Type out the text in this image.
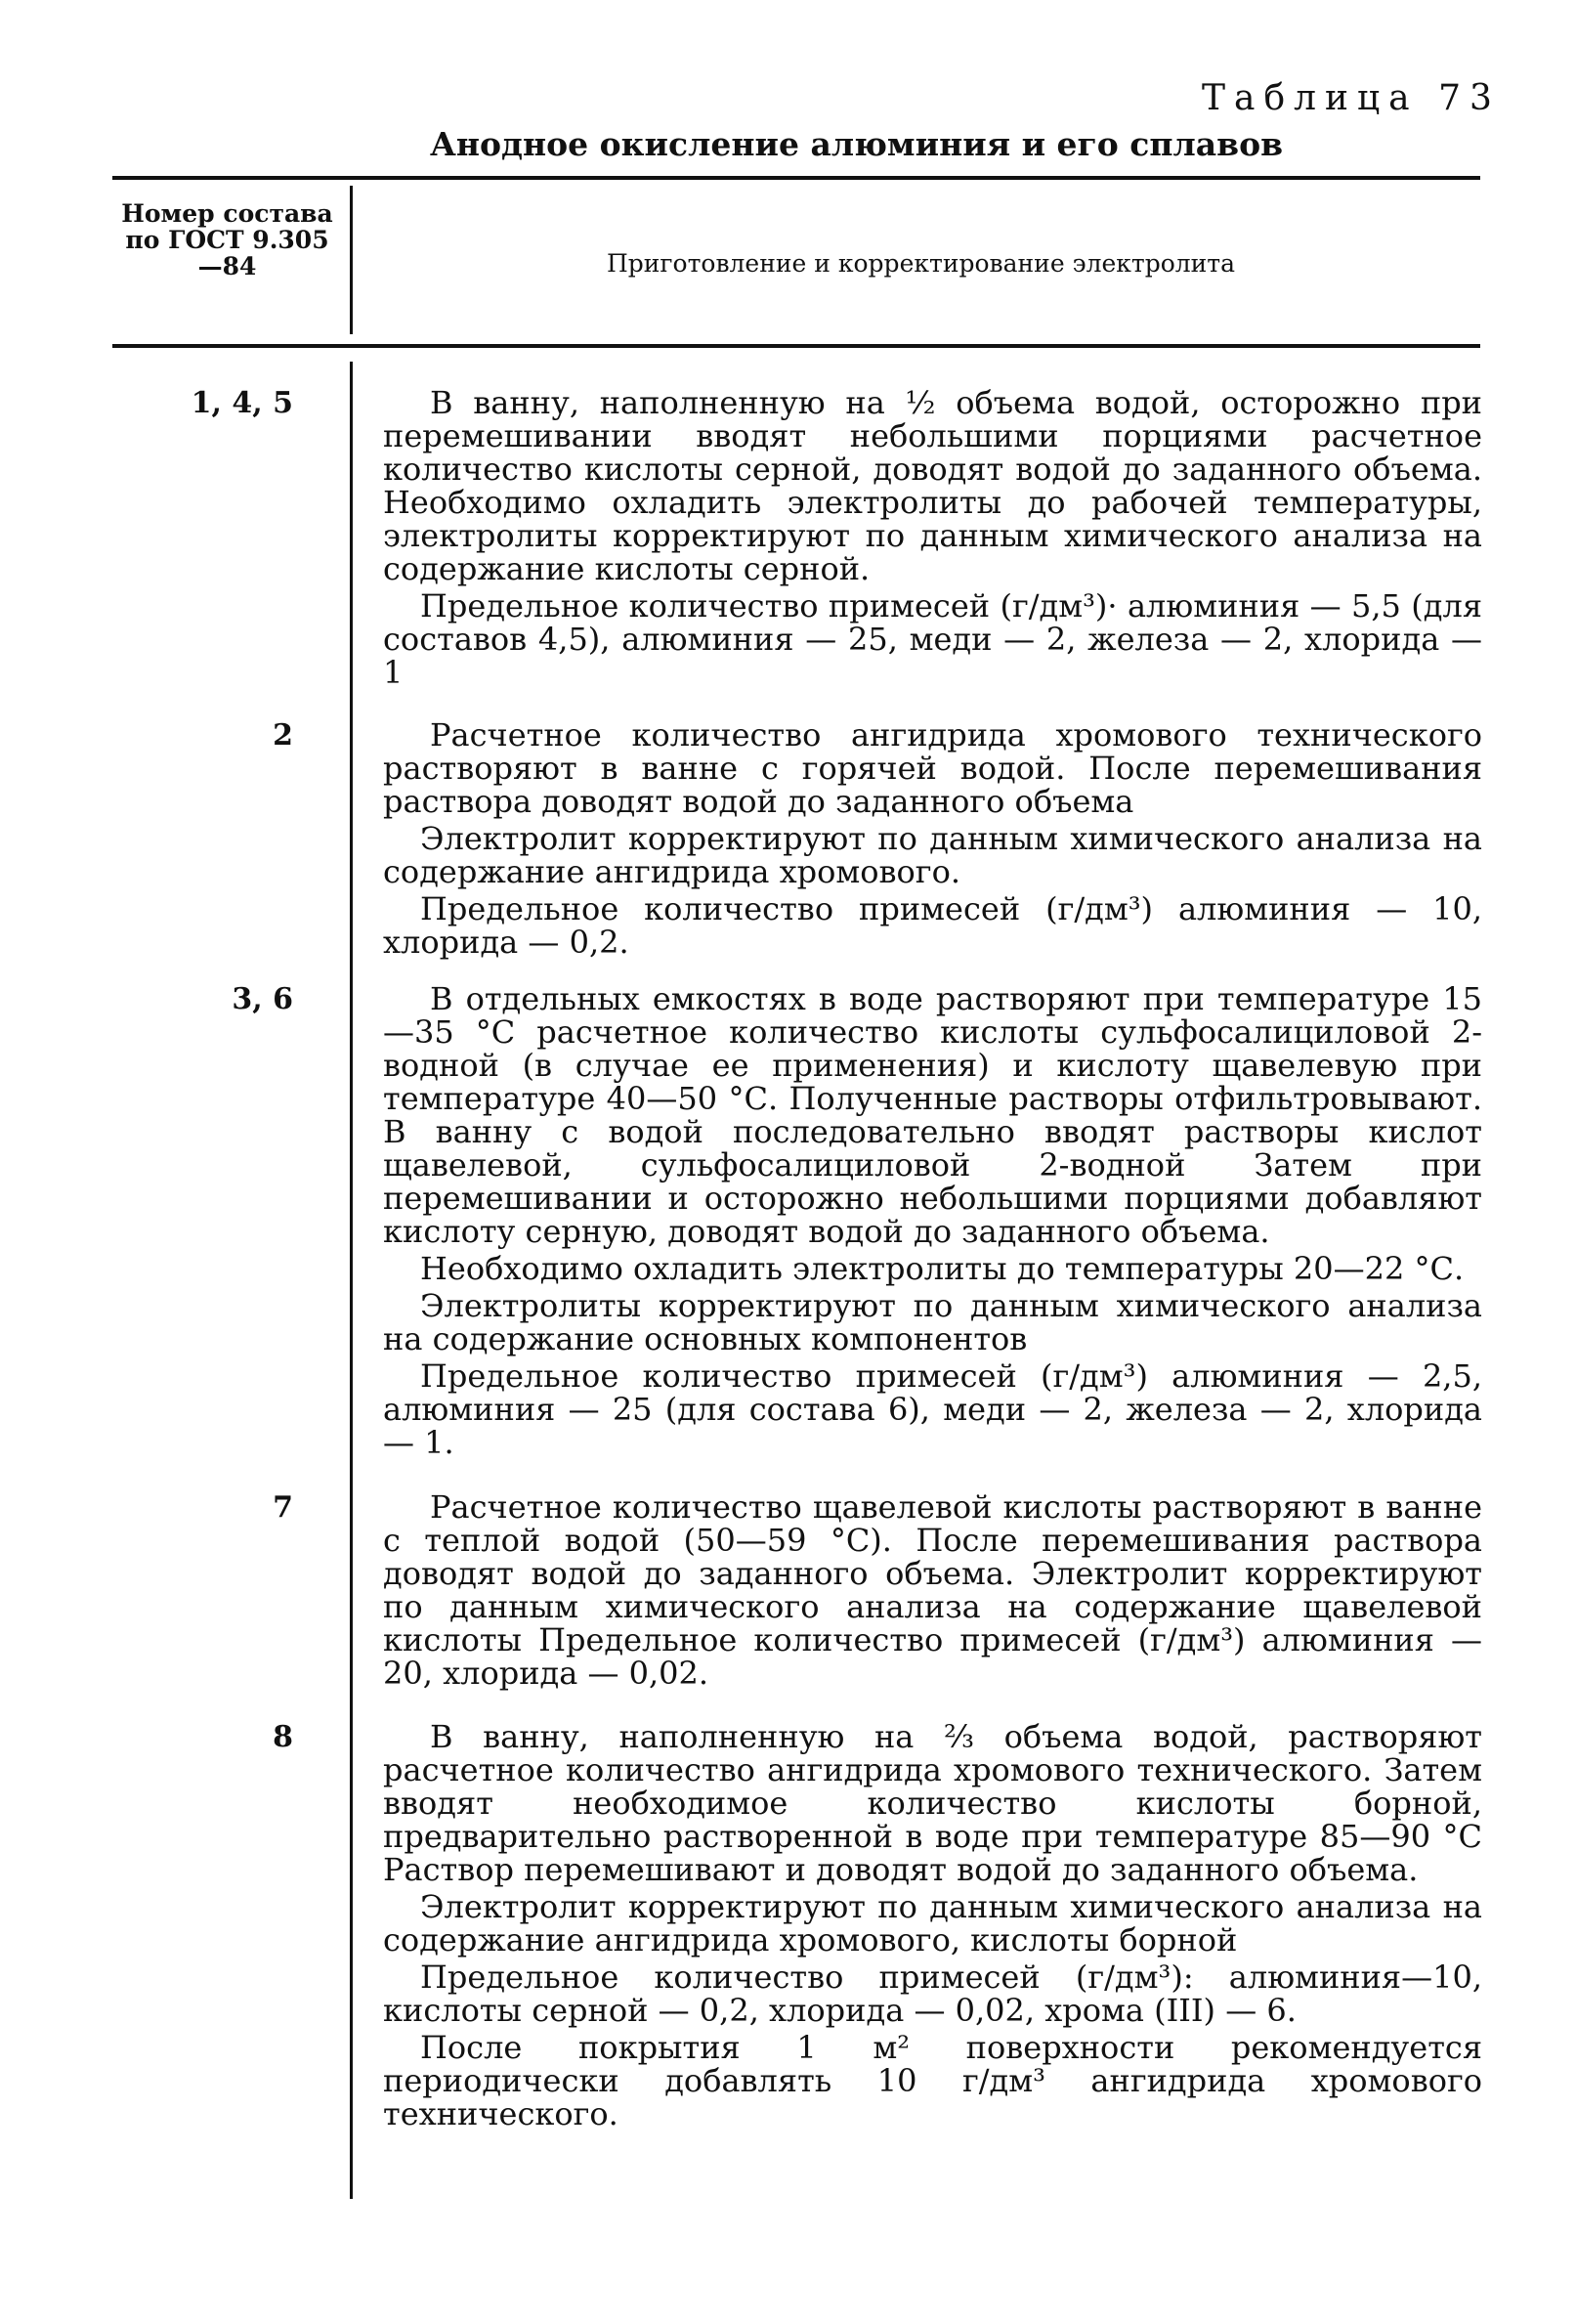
Таблица 73
Анодное окисление алюминия и его сплавов
Номер состава по ГОСТ 9.305—84	Приготовление и корректирование электролита
1, 4, 5	В ванну, наполненную на ½ объема водой, осторожно при перемешивании вводят небольшими порциями расчетное количество кислоты серной, доводят водой до заданного объема. Необходимо охладить электролиты до рабочей температуры, электролиты корректируют по данным химического анализа на содержание кислоты серной.

Предельное количество примесей (г/дм³)· алюминия — 5,5 (для составов 4,5), алюминия — 25, меди — 2, железа — 2, хлорида — 1

2	Расчетное количество ангидрида хромового технического растворяют в ванне с горячей водой. После перемешивания раствора доводят водой до заданного объема

Электролит корректируют по данным химического анализа на содержание ангидрида хромового.

Предельное количество примесей (г/дм³) алюминия — 10, хлорида — 0,2.

3, 6	В отдельных емкостях в воде растворяют при температуре 15—35 °С расчетное количество кислоты сульфосалициловой 2-водной (в случае ее применения) и кислоту щавелевую при температуре 40—50 °С. Полученные растворы отфильтровывают. В ванну с водой последовательно вводят растворы кислот щавелевой, сульфосалициловой 2-водной Затем при перемешивании и осторожно небольшими порциями добавляют кислоту серную, доводят водой до заданного объема.

Необходимо охладить электролиты до температуры 20—22 °С.

Электролиты корректируют по данным химического анализа на содержание основных компонентов

Предельное количество примесей (г/дм³) алюминия — 2,5, алюминия — 25 (для состава 6), меди — 2, железа — 2, хлорида — 1.

7	Расчетное количество щавелевой кислоты растворяют в ванне с теплой водой (50—59 °С). После перемешивания раствора доводят водой до заданного объема. Электролит корректируют по данным химического анализа на содержание щавелевой кислоты Предельное количество примесей (г/дм³) алюминия — 20, хлорида — 0,02.

8	В ванну, наполненную на ⅔ объема водой, растворяют расчетное количество ангидрида хромового технического. Затем вводят необходимое количество кислоты борной, предварительно растворенной в воде при температуре 85—90 °С Раствор перемешивают и доводят водой до заданного объема.

Электролит корректируют по данным химического анализа на содержание ангидрида хромового, кислоты борной

Предельное количество примесей (г/дм³): алюминия—10, кислоты серной — 0,2, хлорида — 0,02, хрома (III) — 6.

После покрытия 1 м² поверхности рекомендуется периодически добавлять 10 г/дм³ ангидрида хромового технического.
